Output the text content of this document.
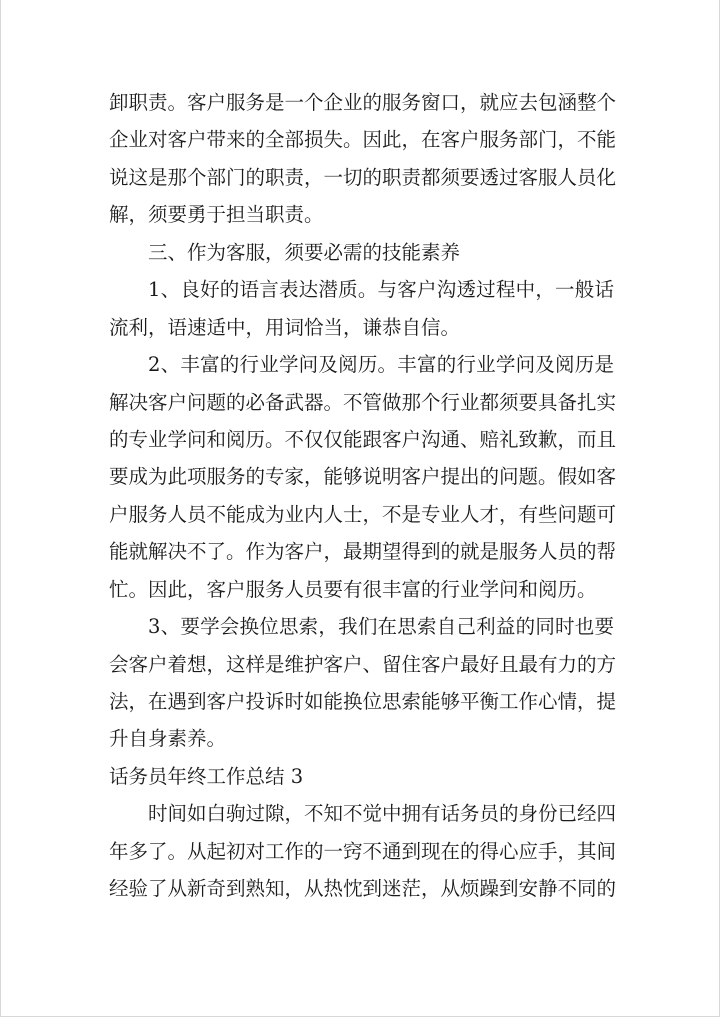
卸职责。客户服务是一个企业的服务窗口，就应去包涵整个
企业对客户带来的全部损失。因此，在客户服务部门，不能
说这是那个部门的职责，一切的职责都须要透过客服人员化
解，须要勇于担当职责。
三、作为客服，须要必需的技能素养
1、良好的语言表达潜质。与客户沟透过程中，一般话
流利，语速适中，用词恰当，谦恭自信。
2、丰富的行业学问及阅历。丰富的行业学问及阅历是
解决客户问题的必备武器。不管做那个行业都须要具备扎实
的专业学问和阅历。不仅仅能跟客户沟通、赔礼致歉，而且
要成为此项服务的专家，能够说明客户提出的问题。假如客
户服务人员不能成为业内人士，不是专业人才，有些问题可
能就解决不了。作为客户，最期望得到的就是服务人员的帮
忙。因此，客户服务人员要有很丰富的行业学问和阅历。
3、要学会换位思索，我们在思索自己利益的同时也要
会客户着想，这样是维护客户、留住客户最好且最有力的方
法，在遇到客户投诉时如能换位思索能够平衡工作心情，提
升自身素养。
话务员年终工作总结 3
时间如白驹过隙，不知不觉中拥有话务员的身份已经四
年多了。从起初对工作的一窍不通到现在的得心应手，其间
经验了从新奇到熟知，从热忱到迷茫，从烦躁到安静不同的
